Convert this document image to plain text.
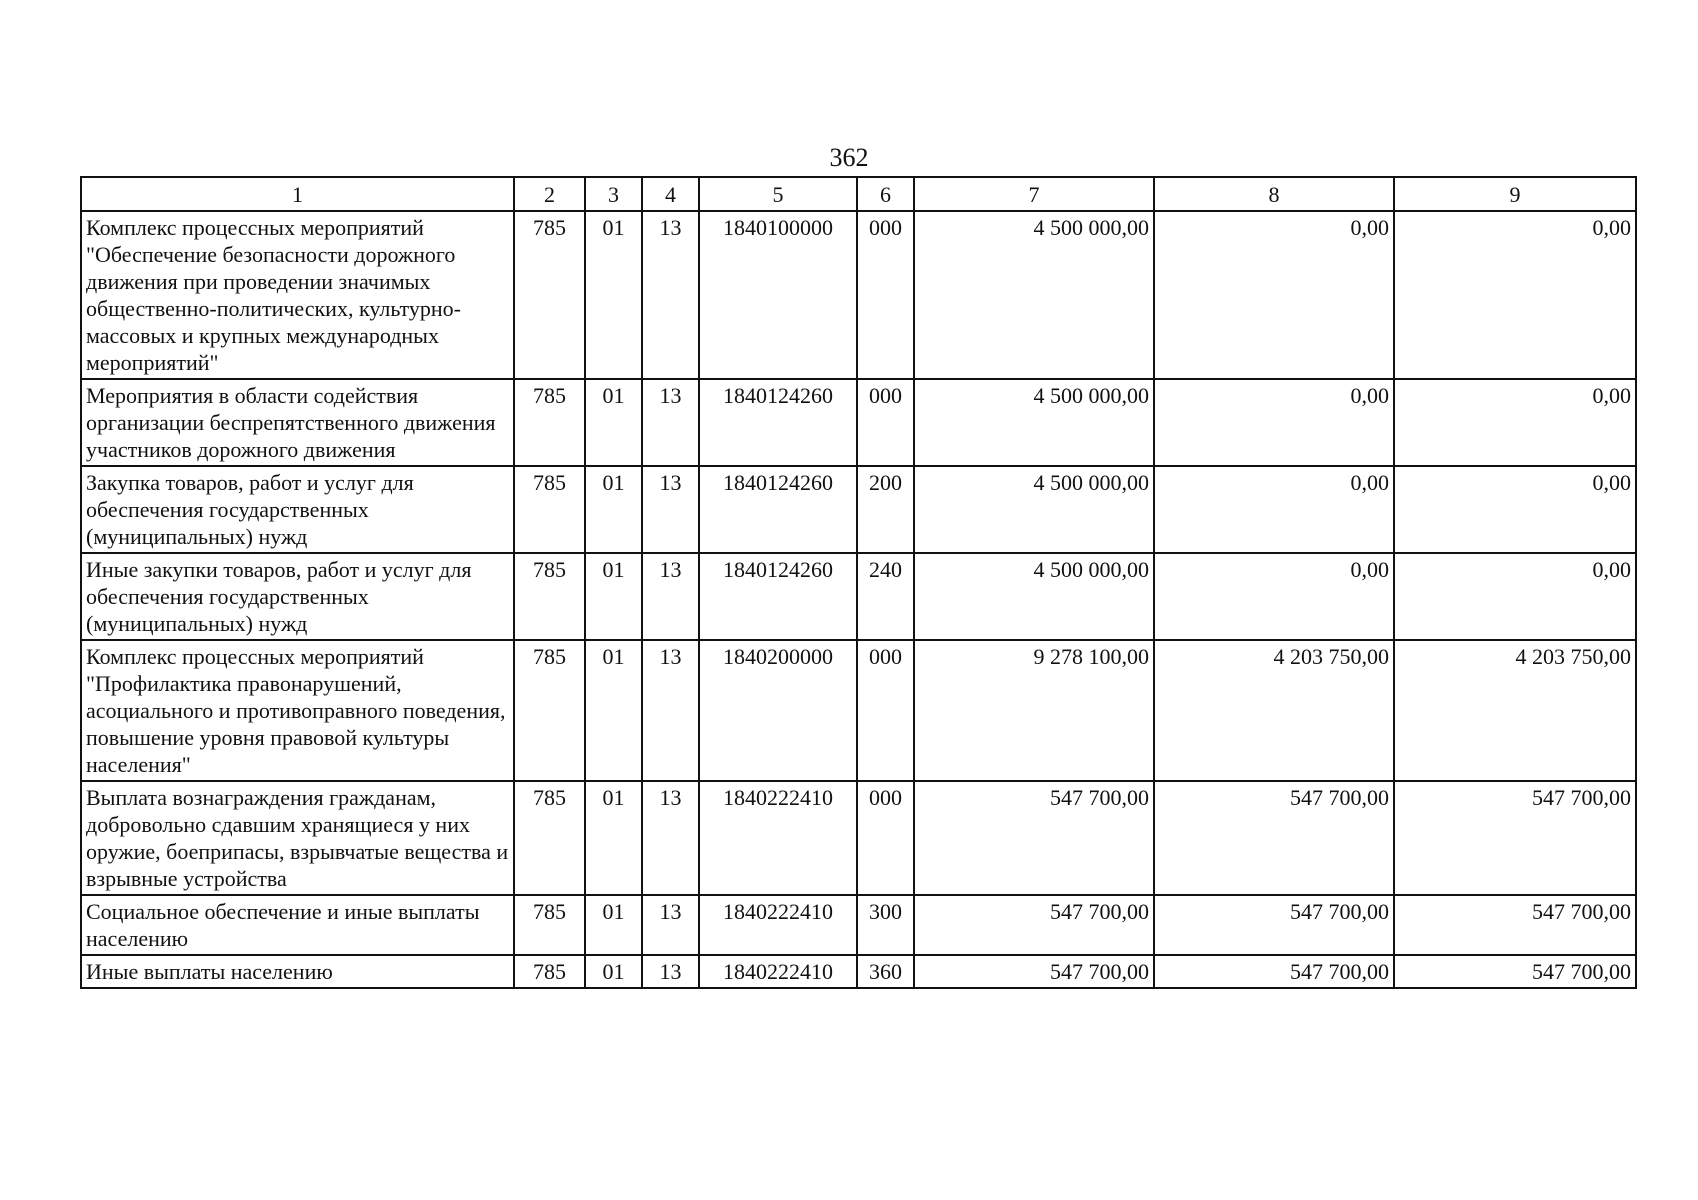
362
1	2	3	4	5	6	7	8	9
Комплекс процессных мероприятий "Обеспечение безопасности дорожного движения при проведении значимых общественно-политических, культурно-массовых и крупных международных мероприятий"	785	01	13	1840100000	000	4 500 000,00	0,00	0,00
Мероприятия в области содействия организации беспрепятственного движения участников дорожного движения	785	01	13	1840124260	000	4 500 000,00	0,00	0,00
Закупка товаров, работ и услуг для обеспечения государственных (муниципальных) нужд	785	01	13	1840124260	200	4 500 000,00	0,00	0,00
Иные закупки товаров, работ и услуг для обеспечения государственных (муниципальных) нужд	785	01	13	1840124260	240	4 500 000,00	0,00	0,00
Комплекс процессных мероприятий "Профилактика правонарушений, асоциального и противоправного поведения, повышение уровня правовой культуры населения"	785	01	13	1840200000	000	9 278 100,00	4 203 750,00	4 203 750,00
Выплата вознаграждения гражданам, добровольно сдавшим хранящиеся у них оружие, боеприпасы, взрывчатые вещества и взрывные устройства	785	01	13	1840222410	000	547 700,00	547 700,00	547 700,00
Социальное обеспечение и иные выплаты населению	785	01	13	1840222410	300	547 700,00	547 700,00	547 700,00
Иные выплаты населению	785	01	13	1840222410	360	547 700,00	547 700,00	547 700,00
